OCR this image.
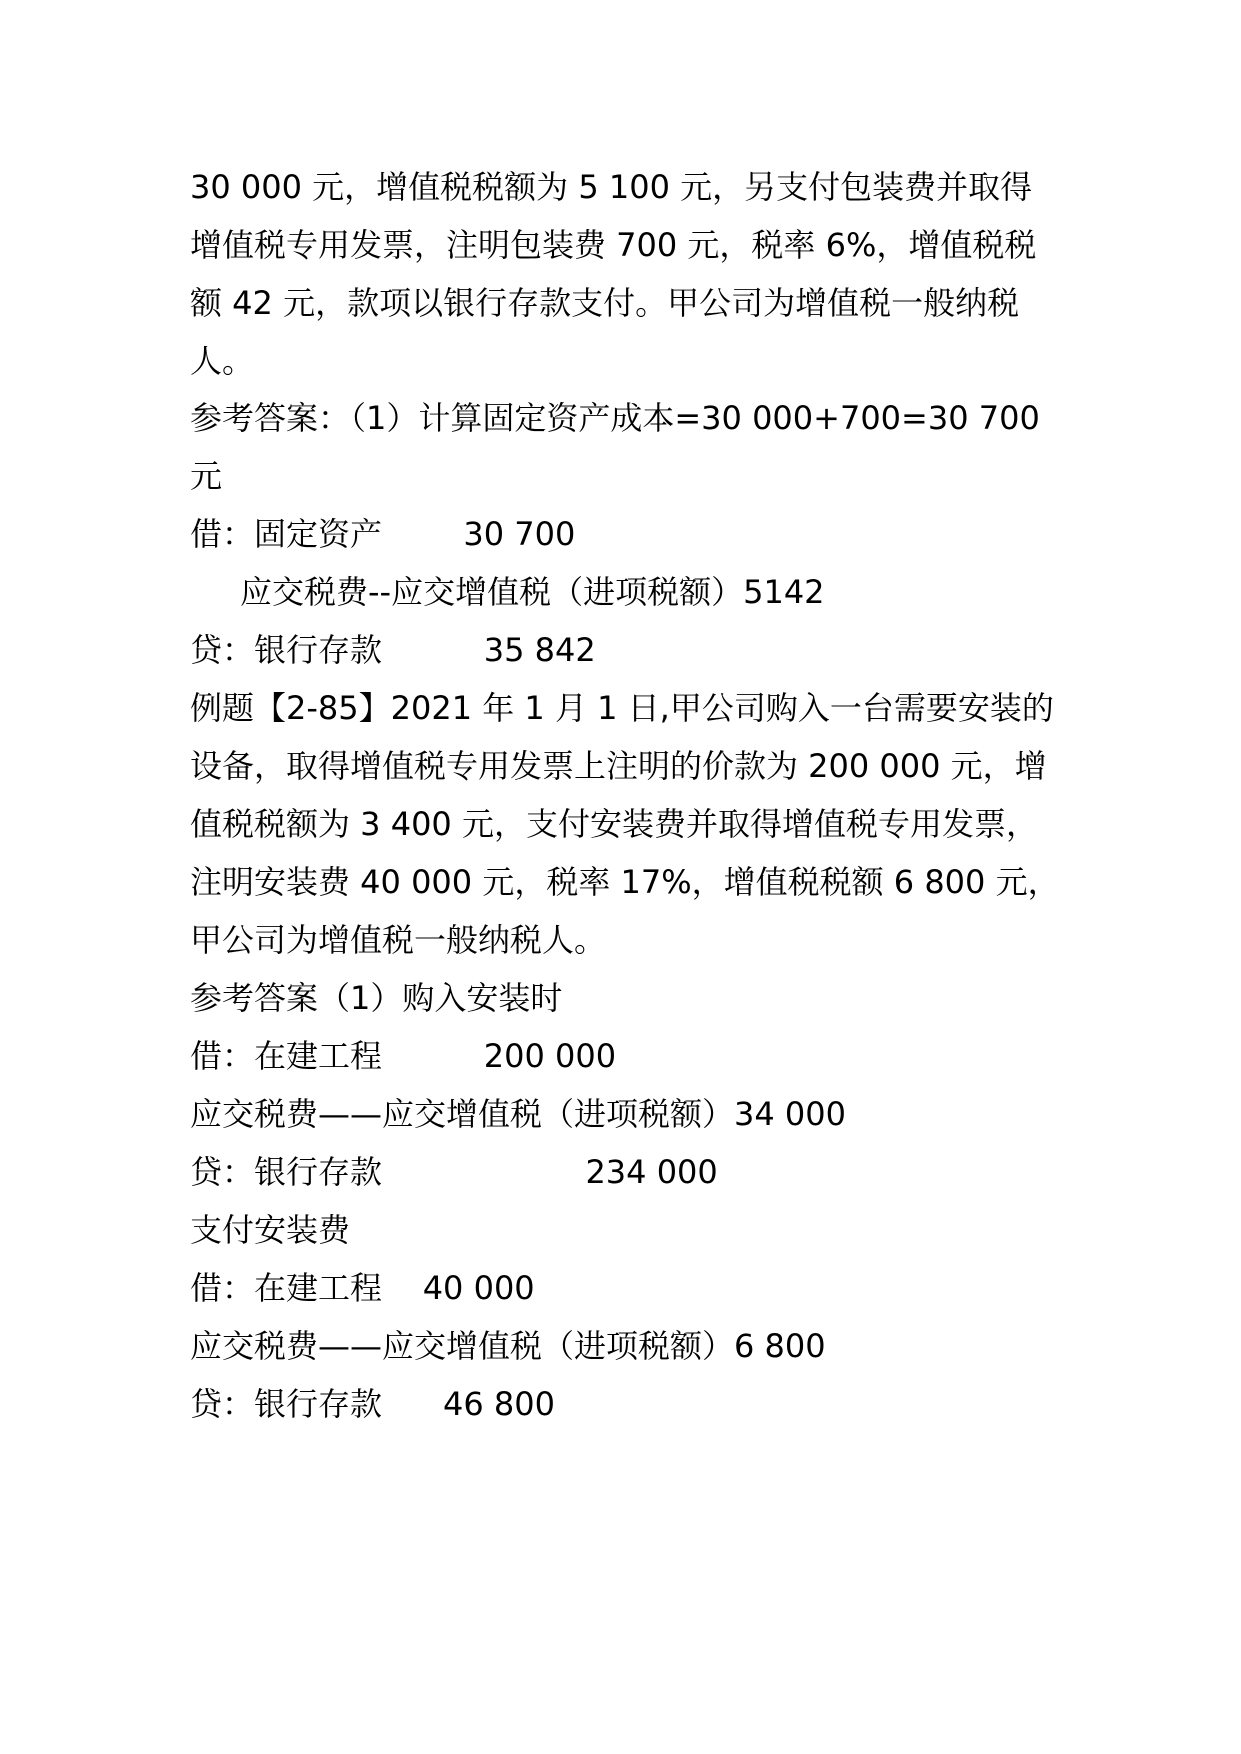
30 000 元，增值税税额为 5 100 元，另支付包装费并取得

增值税专用发票，注明包装费 700 元，税率 6%，增值税税

额 42 元，款项以银行存款支付。甲公司为增值税一般纳税

人。

参考答案：（1）计算固定资产成本=30 000+700=30 700

元

借：固定资产        30 700

应交税费--应交增值税（进项税额）5142

贷：银行存款          35 842

例题【2-85】2021 年 1 月 1 日,甲公司购入一台需要安装的

设备，取得增值税专用发票上注明的价款为 200 000 元，增

值税税额为 3 400 元，支付安装费并取得增值税专用发票，

注明安装费 40 000 元，税率 17%，增值税税额 6 800 元，

甲公司为增值税一般纳税人。

参考答案（1）购入安装时

借：在建工程          200 000

应交税费——应交增值税（进项税额）34 000

贷：银行存款                    234 000

支付安装费

借：在建工程    40 000

应交税费——应交增值税（进项税额）6 800

贷：银行存款      46 800
